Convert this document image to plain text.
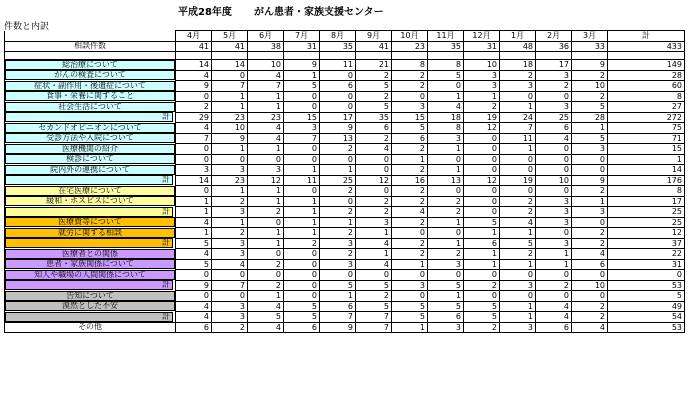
平成28年度 がん患者・家族支援センター
件数と内訳
	4月	5月	6月	7月	8月	9月	10月	11月	12月	1月	2月	3月	計

相談件数	41	41	38	31	35	41	23	35	31	48	36	33	433

総治療について	14	14	10	9	11	21	8	8	10	18	17	9	149

がんの検査について	4	0	4	1	0	2	2	5	3	2	3	2	28

症状・副作用・後遺症について	9	7	7	5	6	5	2	0	3	3	2	10	60

食事・栄養に関すること	0	1	1	0	0	2	0	1	1	0	0	2	8

社会生活について	2	1	1	0	0	5	3	4	2	1	3	5	27

計	29	23	23	15	17	35	15	18	19	24	25	28	272

セカンドオピニオンについて	4	10	4	3	9	6	5	8	12	7	6	1	75

受診方法や入院について	7	9	4	7	13	2	6	3	0	11	4	5	71

医療機関の紹介	0	1	1	0	2	4	2	1	0	1	0	3	15

検診について	0	0	0	0	0	0	1	0	0	0	0	0	1

院内外の連携について	3	3	3	1	1	0	2	1	0	0	0	0	14

計	14	23	12	11	25	12	16	13	12	19	10	9	176

在宅医療について	0	1	1	0	2	0	2	0	0	0	0	2	8

緩和・ホスピスについて	1	2	1	1	0	2	2	2	0	2	3	1	17

計	1	3	2	1	2	2	4	2	0	2	3	3	25

医療費等について	4	1	0	1	1	3	2	1	5	4	3	0	25

就労に関する相談	1	2	1	1	2	1	0	0	1	1	0	2	12

計	5	3	1	2	3	4	2	1	6	5	3	2	37

医療者との関係	4	3	0	0	2	1	2	2	1	2	1	4	22

患者・家族関係について	5	4	2	0	3	4	1	3	1	1	1	6	31

知人や職場の人間関係について	0	0	0	0	0	0	0	0	0	0	0	0	0

計	9	7	2	0	5	5	3	5	2	3	2	10	53

告知について	0	0	1	0	1	2	0	1	0	0	0	0	5

漠然とした不安	4	3	4	5	6	5	5	5	5	1	4	2	49

計	4	3	5	5	7	7	5	6	5	1	4	2	54

その他	6	2	4	6	9	7	1	3	2	3	6	4	53
